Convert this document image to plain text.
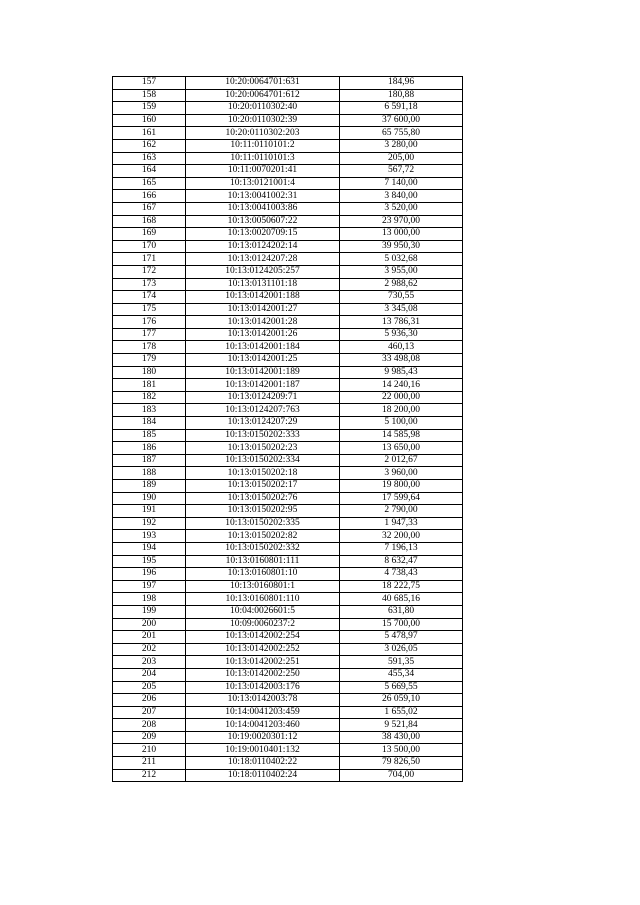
157	10:20:0064701:631	184,96
158	10:20:0064701:612	180,88
159	10:20:0110302:40	6 591,18
160	10:20:0110302:39	37 600,00
161	10:20:0110302:203	65 755,80
162	10:11:0110101:2	3 280,00
163	10:11:0110101:3	205,00
164	10:11:0070201:41	567,72
165	10:13:0121001:4	7 140,00
166	10:13:0041002:31	3 840,00
167	10:13:0041003:86	3 520,00
168	10:13:0050607:22	23 970,00
169	10:13:0020709:15	13 000,00
170	10:13:0124202:14	39 950,30
171	10:13:0124207:28	5 032,68
172	10:13:0124205:257	3 955,00
173	10:13:0131101:18	2 988,62
174	10:13:0142001:188	730,55
175	10:13:0142001:27	3 345,08
176	10:13:0142001:28	13 786,31
177	10:13:0142001:26	5 936,30
178	10:13:0142001:184	460,13
179	10:13:0142001:25	33 498,08
180	10:13:0142001:189	9 985,43
181	10:13:0142001:187	14 240,16
182	10:13:0124209:71	22 000,00
183	10:13:0124207:763	18 200,00
184	10:13:0124207:29	5 100,00
185	10:13:0150202:333	14 585,98
186	10:13:0150202:23	13 650,00
187	10:13:0150202:334	2 012,67
188	10:13:0150202:18	3 960,00
189	10:13:0150202:17	19 800,00
190	10:13:0150202:76	17 599,64
191	10:13:0150202:95	2 790,00
192	10:13:0150202:335	1 947,33
193	10:13:0150202:82	32 200,00
194	10:13:0150202:332	7 196,13
195	10:13:0160801:111	8 632,47
196	10:13:0160801:10	4 738,43
197	10:13:0160801:1	18 222,75
198	10:13:0160801:110	40 685,16
199	10:04:0026601:5	631,80
200	10:09:0060237:2	15 700,00
201	10:13:0142002:254	5 478,97
202	10:13:0142002:252	3 026,05
203	10:13:0142002:251	591,35
204	10:13:0142002:250	455,34
205	10:13:0142003:176	5 669,55
206	10:13:0142003:78	26 059,10
207	10:14:0041203:459	1 655,02
208	10:14:0041203:460	9 521,84
209	10:19:0020301:12	38 430,00
210	10:19:0010401:132	13 500,00
211	10:18:0110402:22	79 826,50
212	10:18:0110402:24	704,00
